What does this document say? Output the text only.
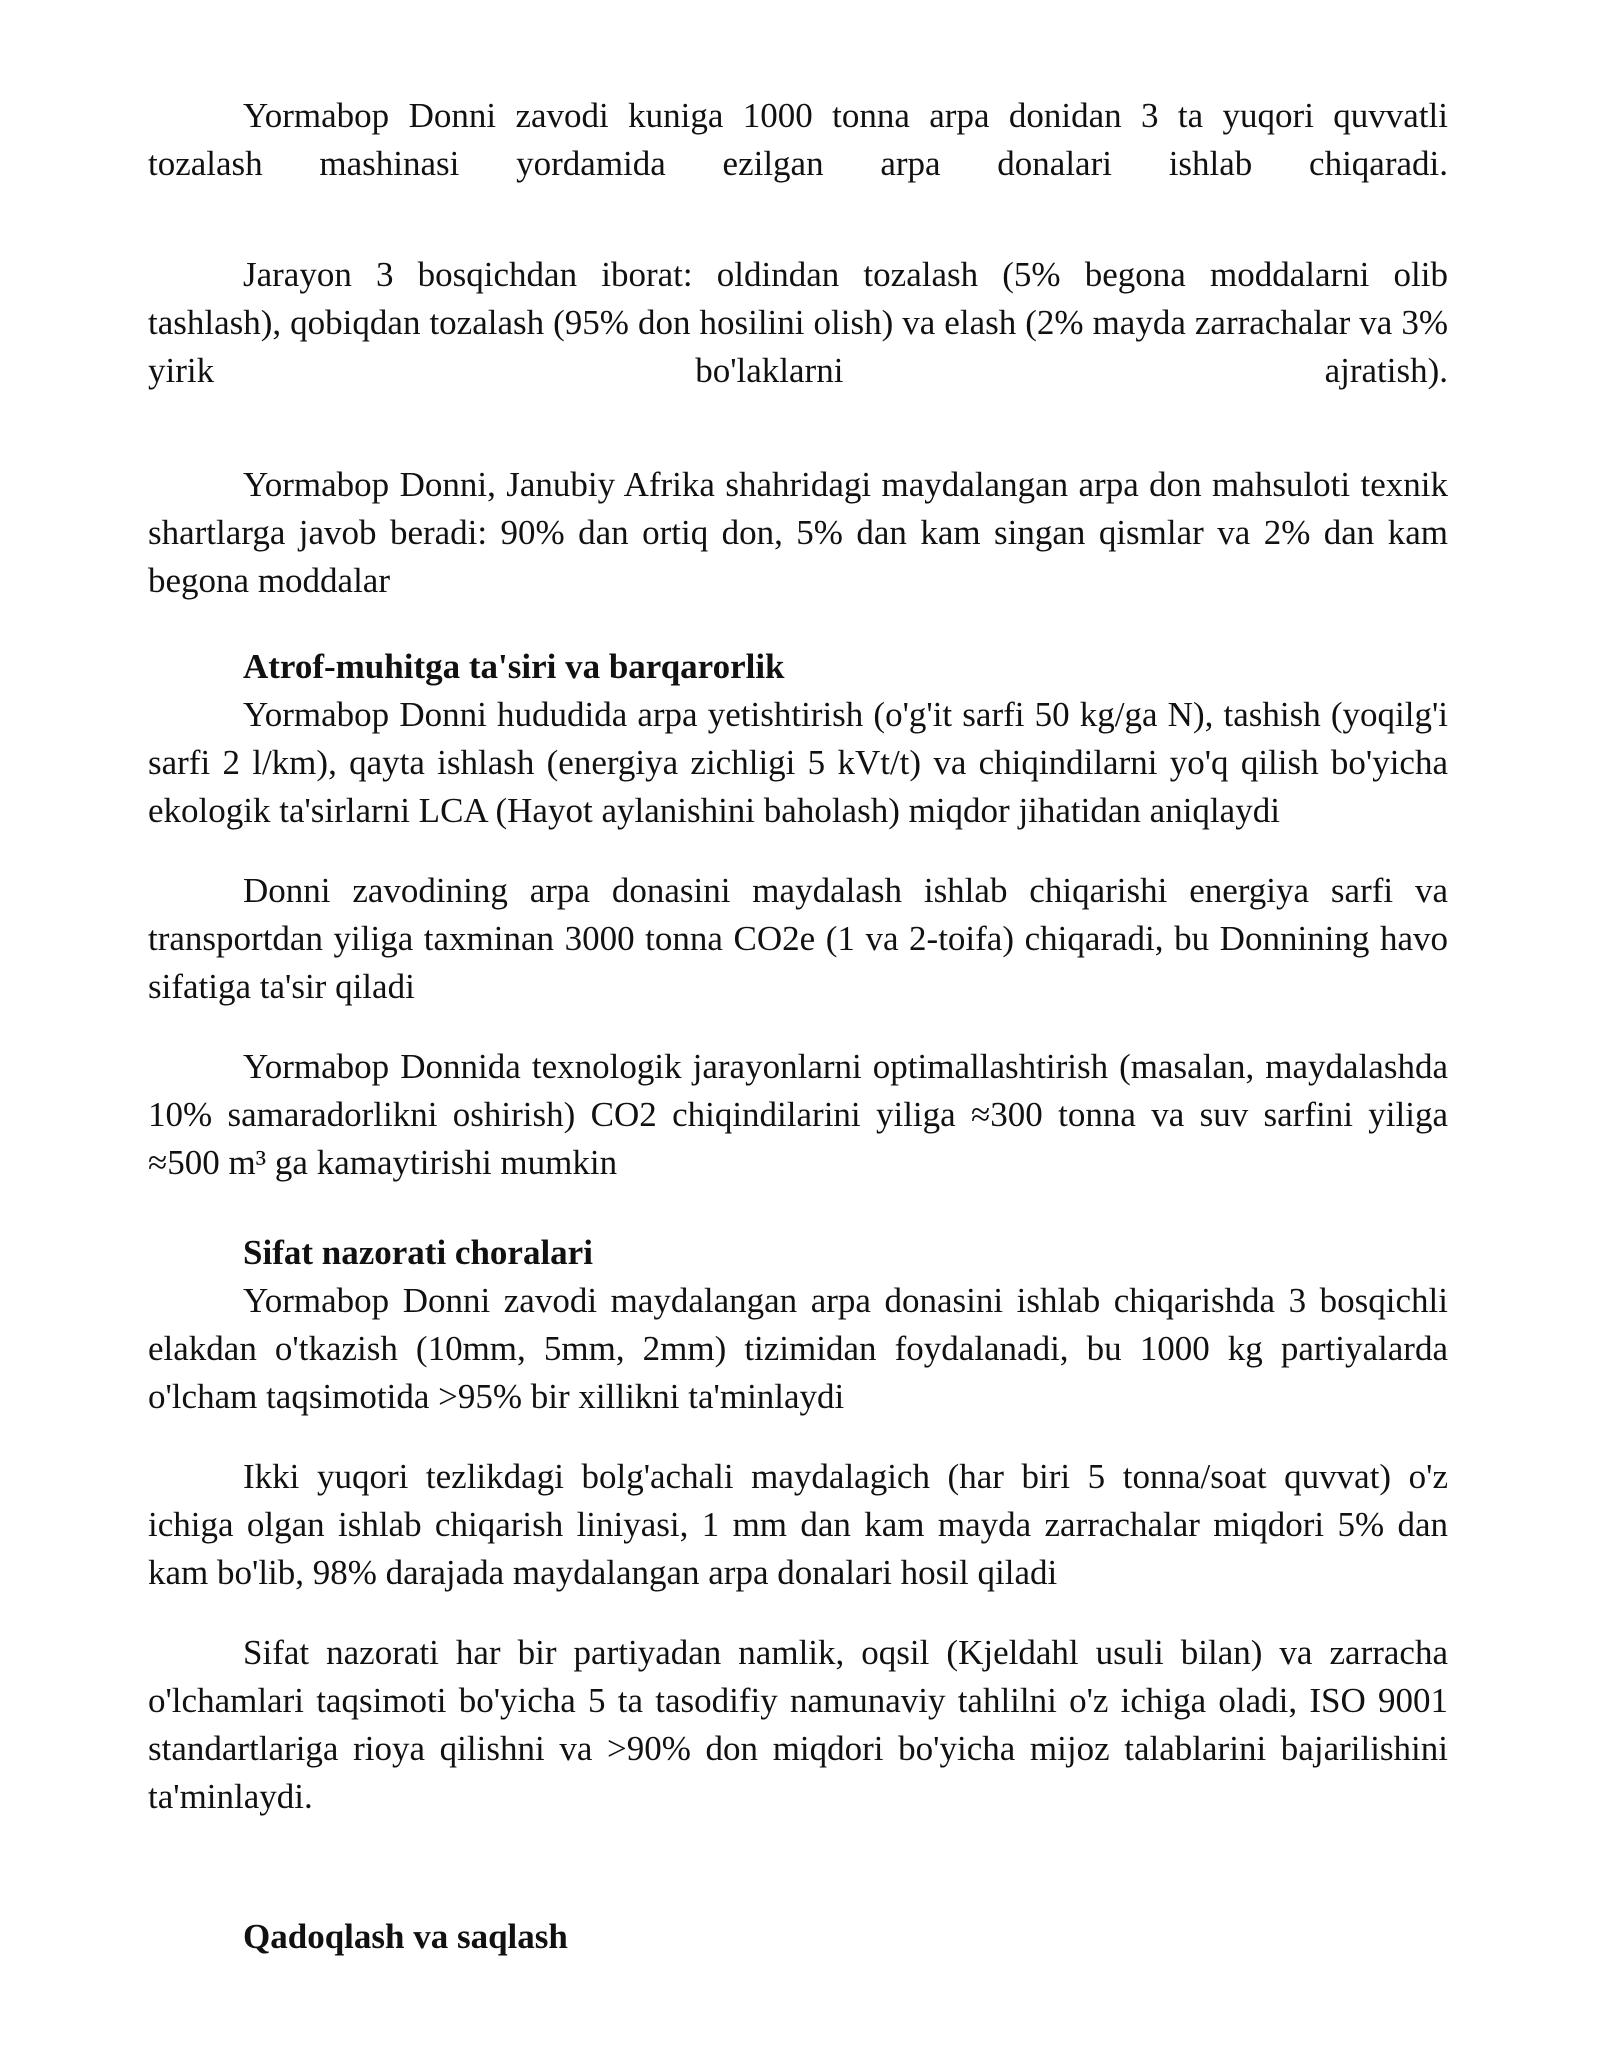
Yormabop Donni zavodi kuniga 1000 tonna arpa donidan 3 ta yuqori quvvatli tozalash mashinasi yordamida ezilgan arpa donalari ishlab chiqaradi.

Jarayon 3 bosqichdan iborat: oldindan tozalash (5% begona moddalarni olib tashlash), qobiqdan tozalash (95% don hosilini olish) va elash (2% mayda zarrachalar va 3% yirik bo'laklarni ajratish).

Yormabop Donni, Janubiy Afrika shahridagi maydalangan arpa don mahsuloti texnik shartlarga javob beradi: 90% dan ortiq don, 5% dan kam singan qismlar va 2% dan kam begona moddalar

Atrof-muhitga ta'siri va barqarorlik

Yormabop Donni hududida arpa yetishtirish (o'g'it sarfi 50 kg/ga N), tashish (yoqilg'i sarfi 2 l/km), qayta ishlash (energiya zichligi 5 kVt/t) va chiqindilarni yo'q qilish bo'yicha ekologik ta'sirlarni LCA (Hayot aylanishini baholash) miqdor jihatidan aniqlaydi

Donni zavodining arpa donasini maydalash ishlab chiqarishi energiya sarfi va transportdan yiliga taxminan 3000 tonna CO2e (1 va 2-toifa) chiqaradi, bu Donnining havo sifatiga ta'sir qiladi

Yormabop Donnida texnologik jarayonlarni optimallashtirish (masalan, maydalashda 10% samaradorlikni oshirish) CO2 chiqindilarini yiliga ≈300 tonna va suv sarfini yiliga ≈500 m³ ga kamaytirishi mumkin

Sifat nazorati choralari

Yormabop Donni zavodi maydalangan arpa donasini ishlab chiqarishda 3 bosqichli elakdan o'tkazish (10mm, 5mm, 2mm) tizimidan foydalanadi, bu 1000 kg partiyalarda o'lcham taqsimotida >95% bir xillikni ta'minlaydi

Ikki yuqori tezlikdagi bolg'achali maydalagich (har biri 5 tonna/soat quvvat) o'z ichiga olgan ishlab chiqarish liniyasi, 1 mm dan kam mayda zarrachalar miqdori 5% dan kam bo'lib, 98% darajada maydalangan arpa donalari hosil qiladi

Sifat nazorati har bir partiyadan namlik, oqsil (Kjeldahl usuli bilan) va zarracha o'lchamlari taqsimoti bo'yicha 5 ta tasodifiy namunaviy tahlilni o'z ichiga oladi, ISO 9001 standartlariga rioya qilishni va >90% don miqdori bo'yicha mijoz talablarini bajarilishini ta'minlaydi.

Qadoqlash va saqlash
